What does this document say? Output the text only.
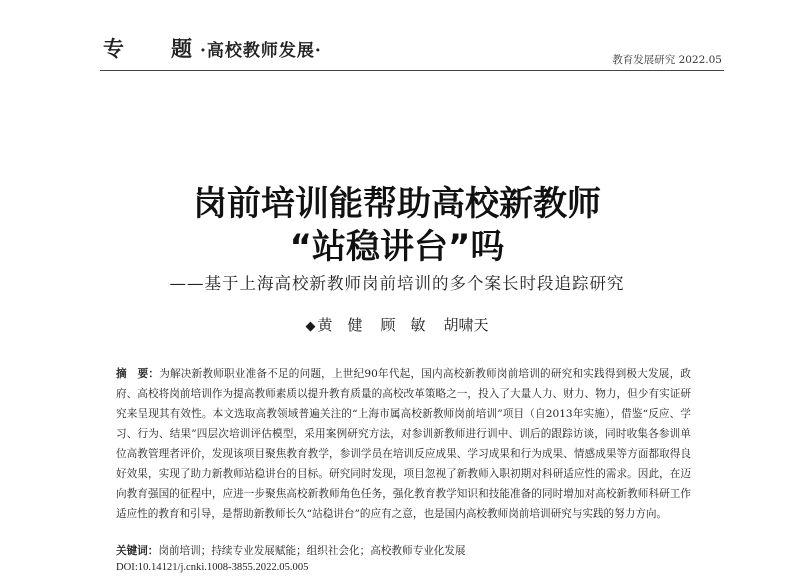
专 题 ·高校教师发展·	教育发展研究 2022.05
岗前培训能帮助高校新教师
“站稳讲台”吗
——基于上海高校新教师岗前培训的多个案长时段追踪研究
◆ 黄　健 顾　敏 胡啸天
摘　要：为解决新教师职业准备不足的问题，上世纪90年代起，国内高校新教师岗前培训的研究和实践得到极大发展，政府、高校将岗前培训作为提高教师素质以提升教育质量的高校改革策略之一，投入了大量人力、财力、物力，但少有实证研究来呈现其有效性。本文选取高教领域普遍关注的“上海市属高校新教师岗前培训”项目（自2013年实施），借鉴“反应、学习、行为、结果”四层次培训评估模型，采用案例研究方法，对参训新教师进行训中、训后的跟踪访谈，同时收集各参训单位高教管理者评价，发现该项目聚焦教育教学，参训学员在培训反应成果、学习成果和行为成果、情感成果等方面都取得良好效果，实现了助力新教师站稳讲台的目标。研究同时发现，项目忽视了新教师入职初期对科研适应性的需求。因此，在迈向教育强国的征程中，应进一步聚焦高校新教师角色任务，强化教育教学知识和技能准备的同时增加对高校新教师科研工作适应性的教育和引导，是帮助新教师长久“站稳讲台”的应有之意，也是国内高校教师岗前培训研究与实践的努力方向。
关键词：岗前培训；持续专业发展赋能；组织社会化；高校教师专业化发展
DOI:10.14121/j.cnki.1008-3855.2022.05.005
